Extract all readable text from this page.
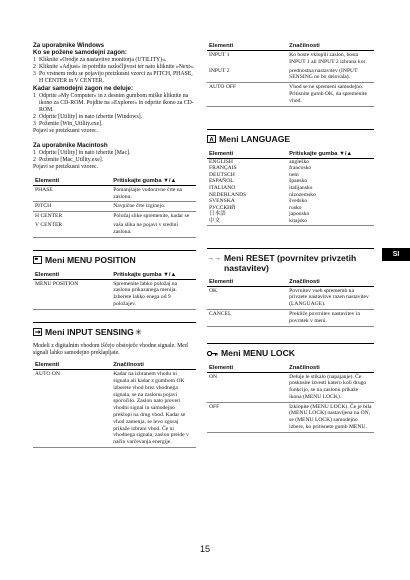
Za uporabnike Windows
Ko se poženе samodejni zagon:
1 Kliknite »Orodje za nastavitve monitorja (UTILITY)«.
2 Kliknite »Adjust« in potrdite razločljivost ter nato kliknite »Next«.
3 Po vrstnem redu se pojavijo preizkusni vzorci za PITCH, PHASE, H CENTER in V CENTER.
Kadar samodejni zagon ne deluje:
1 Odprite »My Computer« in z desnim gumbom miške kliknite na ikono za CD-ROM. Pojdite na »Explorer« in odprite ikono za CD-ROM.
2 Odprite [Utility] in nato izberite [Windows].
3 Poženite [Win_Utility.exe].
Pojavi se preizkusni vzorec.
Za uporabnike Macintosh
1 Odprite [Utility] in nato izberite [Mac].
2 Poženite [Mac_Utility.exe].
Pojavi se preizkusni vzorec.
Elementi	Pritiskajte gumba ▼/▲
PHASE	Pomanjšajte vodoravne črte na zaslonu.
PITCH	Navpične črte izginejo.
H CENTER	Položaj slike spremenite, kadar se
V CENTER	vaša slika ne pojavi v sredini zaslona.
Meni MENU POSITION
Elementi	Pritiskajte gumba ▼/▲
MENU POSITION	Spremenite lahko položaj na zaslonu prikazanega menija. Izberete lahko enega od 9 položajev.
Meni INPUT SENSING ✳
Modeli z digitalnim vhodom iščejo obstoječe vhodne signale. Med signali lahko samodejno preklapljate.
Elementi	Značilnosti
AUTO ON	Kadar na izbranem vhodu ni signala ali kadar z gumbom OK izberete vhod brez vhodnega signala, se na zaslonu pojavi sporočilo. Zaslon nato preveri vhodni signal in samodejno preklopi na drug vhod. Kadar se vhod zamenja, se levo zgoraj prikaže izbrani vhod. Če ni vhodnega signala, zaslon preide v način varčevanja energije.
Elementi	Značilnosti
INPUT 1	Ko boste vklopili zaslon, bosta INPUT 1 ali INPUT 2 izbrana kot
INPUT 2	prednostna nastavitev (INPUT SENSING ne bo delovala).
AUTO OFF	Vhod se ne spremeni samodejno. Pritisnite gumb OK, da spremenite vhod.
A Meni LANGUAGE
Elementi	Pritiskajte gumba ▼/▲
ENGLISH	angleško
FRANÇAIS	francosko
DEUTSCH	nem
ESPAÑOL	špansko
ITALIANO	italijansko
NEDERLANDS	nizozemsko
SVENSKA	švedsko
РУССКИЙ	rusko
日本語	japonsko
中文	kitajsko
→→ Meni RESET (povrnitev privzetih nastavitev)
Elementi	Značilnosti
OK	Povrnitev vseh sprememb na privzete nastavitve razen nastavitev (LANGUAGE).
CANCEL	Prekliče povrnitev nastavitev in povratek v meni.
Meni MENU LOCK
Elementi	Značilnosti
ON	Deluje le stikalo (napajanje). Če poskusite izvesti katero koli drugo funkcijo, se na zaslonu prikaže ikona (MENU LOCK).
OFF	Izklopite (MENU LOCK). Če je bila (MENU LOCK) nastavljena na ON, se (MENU LOCK) samodejno izbere, ko pritisnete gumb MENU.
SI
15
